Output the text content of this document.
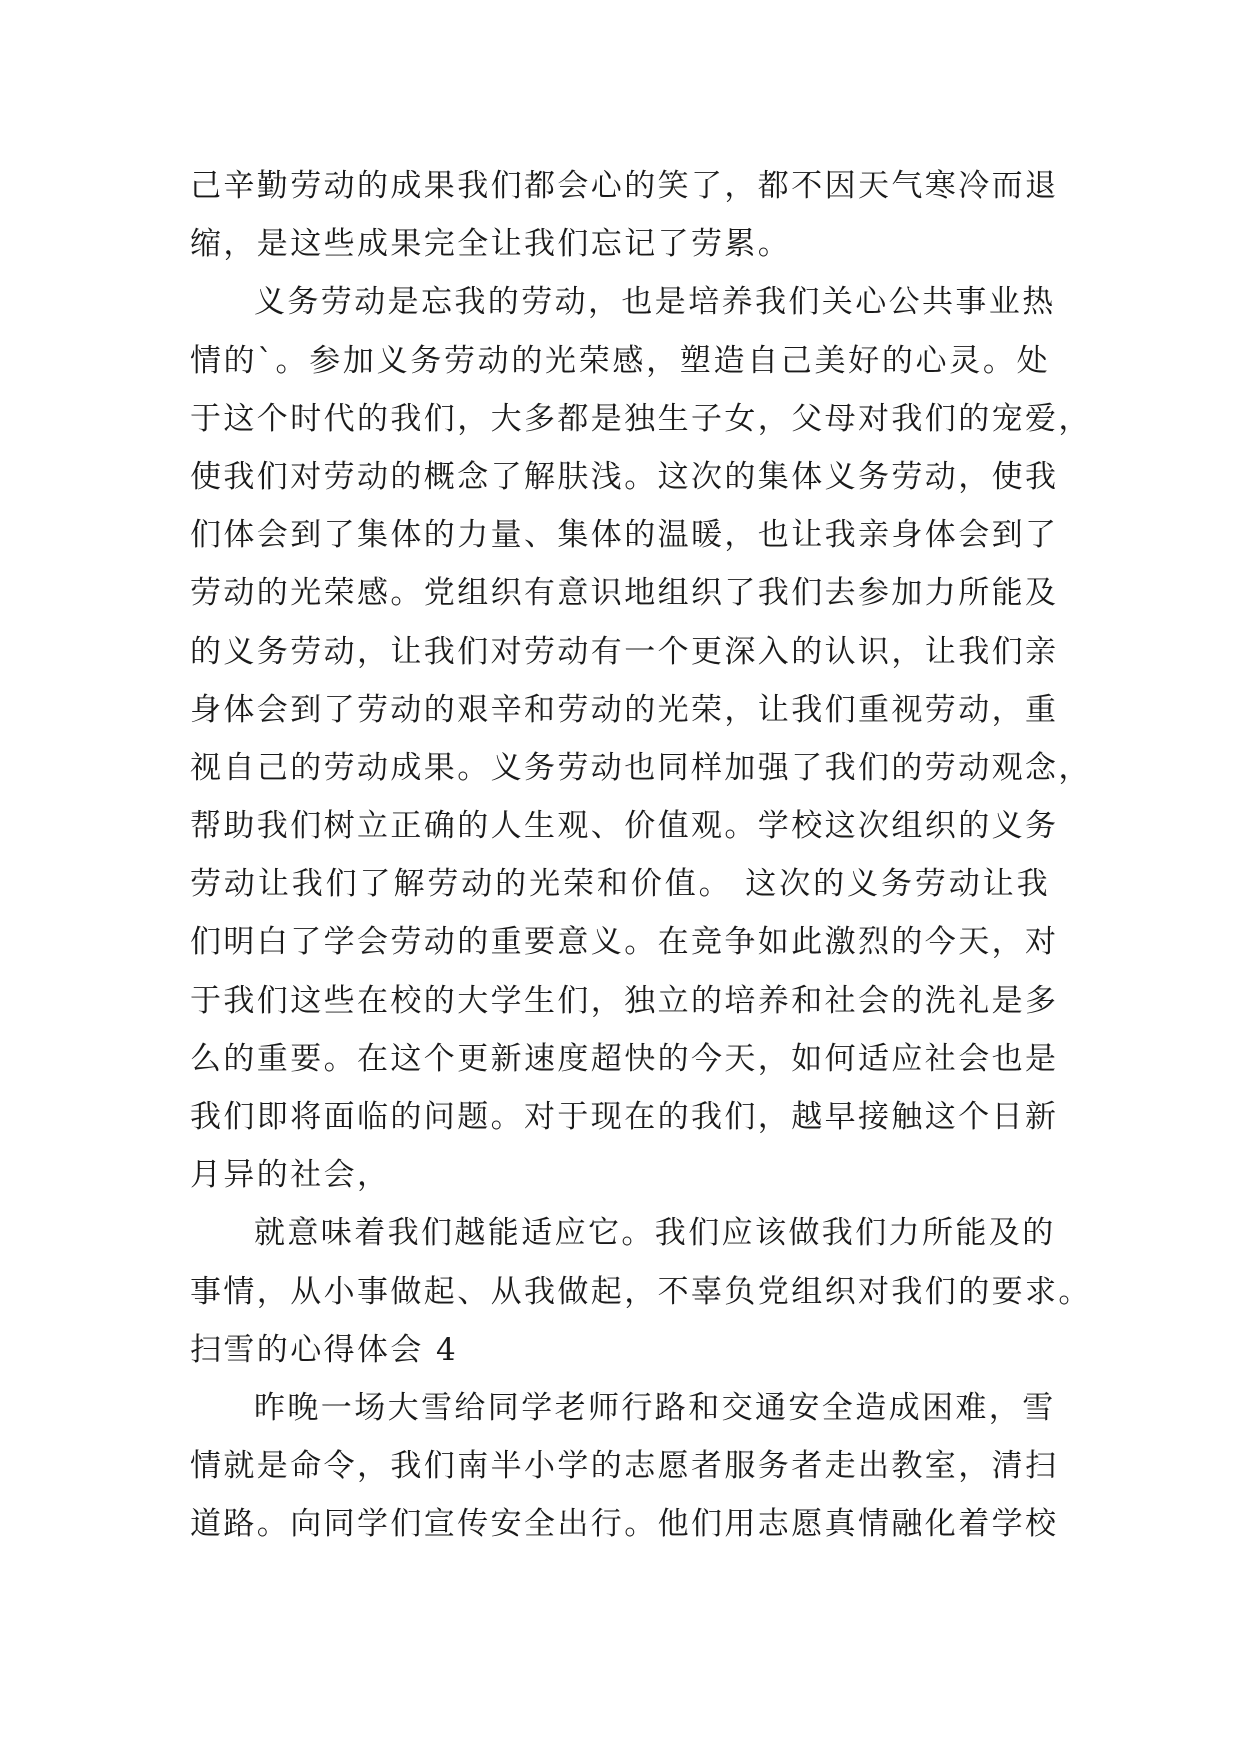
己辛勤劳动的成果我们都会心的笑了，都不因天气寒冷而退
缩，是这些成果完全让我们忘记了劳累。
义务劳动是忘我的劳动，也是培养我们关心公共事业热
情的`。参加义务劳动的光荣感，塑造自己美好的心灵。处
于这个时代的我们，大多都是独生子女，父母对我们的宠爱，
使我们对劳动的概念了解肤浅。这次的集体义务劳动，使我
们体会到了集体的力量、集体的温暖，也让我亲身体会到了
劳动的光荣感。党组织有意识地组织了我们去参加力所能及
的义务劳动，让我们对劳动有一个更深入的认识，让我们亲
身体会到了劳动的艰辛和劳动的光荣，让我们重视劳动，重
视自己的劳动成果。义务劳动也同样加强了我们的劳动观念，
帮助我们树立正确的人生观、价值观。学校这次组织的义务
劳动让我们了解劳动的光荣和价值。 这次的义务劳动让我
们明白了学会劳动的重要意义。在竞争如此激烈的今天，对
于我们这些在校的大学生们，独立的培养和社会的洗礼是多
么的重要。在这个更新速度超快的今天，如何适应社会也是
我们即将面临的问题。对于现在的我们，越早接触这个日新
月异的社会，
就意味着我们越能适应它。我们应该做我们力所能及的
事情，从小事做起、从我做起，不辜负党组织对我们的要求。
扫雪的心得体会 4
昨晚一场大雪给同学老师行路和交通安全造成困难，雪
情就是命令，我们南半小学的志愿者服务者走出教室，清扫
道路。向同学们宣传安全出行。他们用志愿真情融化着学校
